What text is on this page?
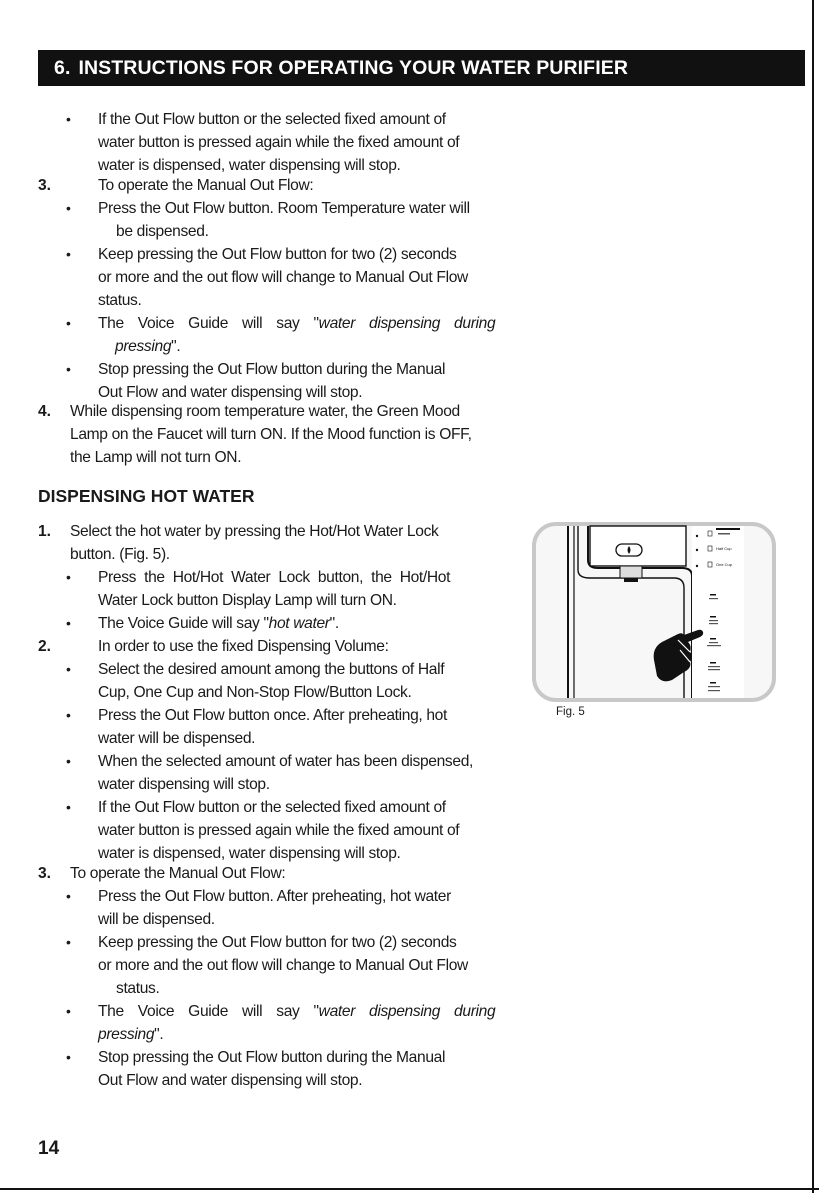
6. INSTRUCTIONS FOR OPERATING YOUR WATER PURIFIER
• If the Out Flow button or the selected fixed amount of
water button is pressed again while the fixed amount of
water is dispensed, water dispensing will stop.
3.	To operate the Manual Out Flow:
• Press the Out Flow button. Room Temperature water will
be dispensed.
• Keep pressing the Out Flow button for two (2) seconds
or more and the out flow will change to Manual Out Flow
status.
• The Voice Guide will say "water dispensing during
pressing".
• Stop pressing the Out Flow button during the Manual
Out Flow and water dispensing will stop.
4. While dispensing room temperature water, the Green Mood
Lamp on the Faucet will turn ON. If the Mood function is OFF,
the Lamp will not turn ON.
DISPENSING HOT WATER
1. Select the hot water by pressing the Hot/Hot Water Lock
button. (Fig. 5).
• Press the Hot/Hot Water Lock button, the Hot/Hot
Water Lock button Display Lamp will turn ON.
• The Voice Guide will say "hot water".
2.	In order to use the fixed Dispensing Volume:
• Select the desired amount among the buttons of Half
Cup, One Cup and Non-Stop Flow/Button Lock.
• Press the Out Flow button once. After preheating, hot
water will be dispensed.
• When the selected amount of water has been dispensed,
water dispensing will stop.
• If the Out Flow button or the selected fixed amount of
water button is pressed again while the fixed amount of
water is dispensed, water dispensing will stop.
3. To operate the Manual Out Flow:
• Press the Out Flow button. After preheating, hot water
will be dispensed.
• Keep pressing the Out Flow button for two (2) seconds
or more and the out flow will change to Manual Out Flow
status.
• The Voice Guide will say "water dispensing during
pressing".
• Stop pressing the Out Flow button during the Manual
Out Flow and water dispensing will stop.
Half Cup
One Cup
Fig. 5
14
